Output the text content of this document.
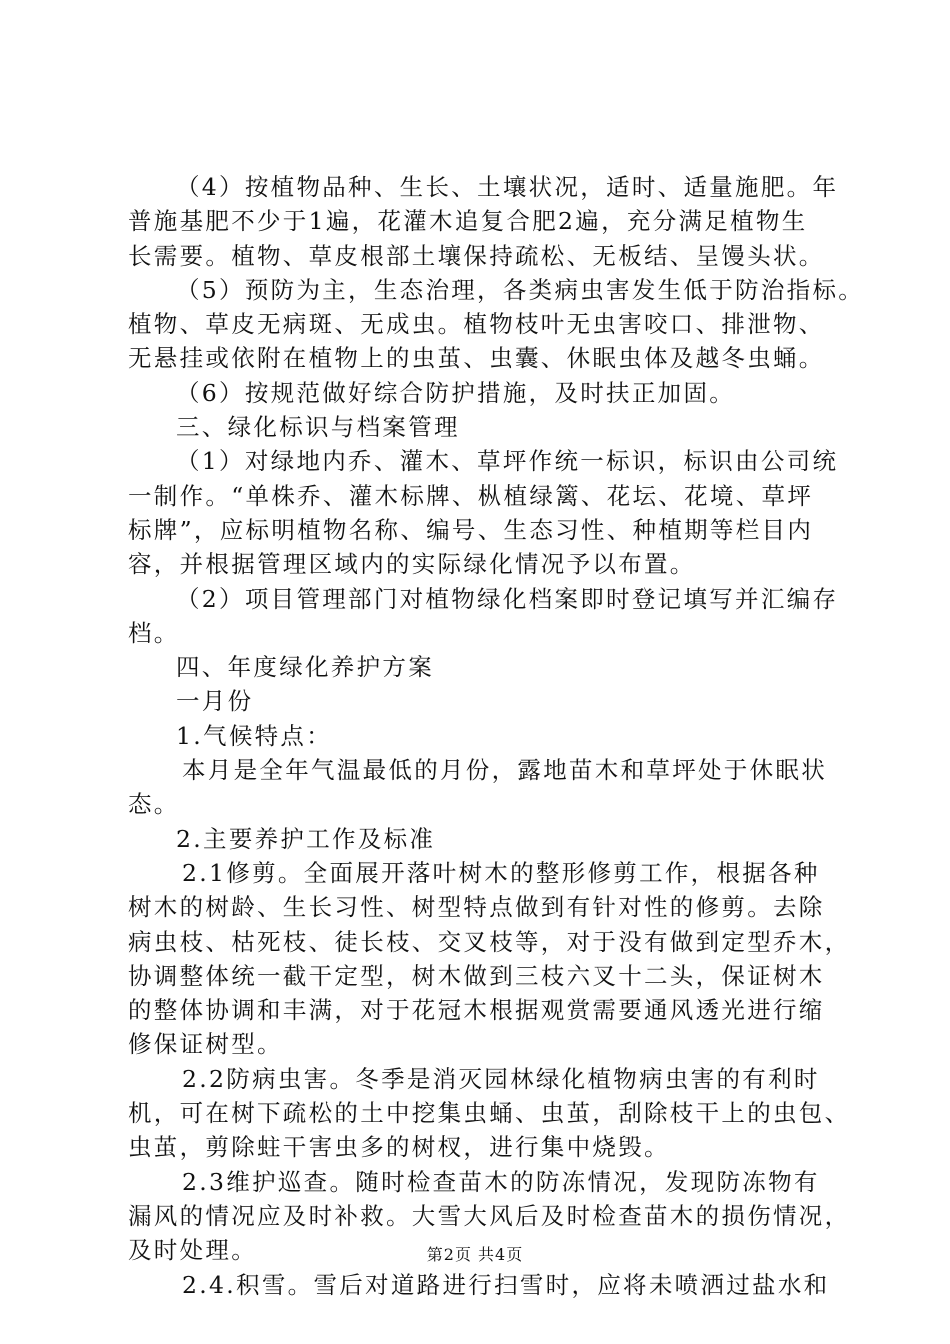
（4）按植物品种、生长、土壤状况，适时、适量施肥。年

普施基肥不少于1遍，花灌木追复合肥2遍，充分满足植物生

长需要。植物、草皮根部土壤保持疏松、无板结、呈馒头状。

（5）预防为主，生态治理，各类病虫害发生低于防治指标。

植物、草皮无病斑、无成虫。植物枝叶无虫害咬口、排泄物、

无悬挂或依附在植物上的虫茧、虫囊、休眠虫体及越冬虫蛹。

（6）按规范做好综合防护措施，及时扶正加固。

三、绿化标识与档案管理

（1）对绿地内乔、灌木、草坪作统一标识，标识由公司统

一制作。“单株乔、灌木标牌、枞植绿篱、花坛、花境、草坪

标牌”，应标明植物名称、编号、生态习性、种植期等栏目内

容，并根据管理区域内的实际绿化情况予以布置。

（2）项目管理部门对植物绿化档案即时登记填写并汇编存

档。

四、年度绿化养护方案

一月份

1.气候特点：

本月是全年气温最低的月份，露地苗木和草坪处于休眠状

态。

2.主要养护工作及标准

2.1修剪。全面展开落叶树木的整形修剪工作，根据各种

树木的树龄、生长习性、树型特点做到有针对性的修剪。去除

病虫枝、枯死枝、徒长枝、交叉枝等，对于没有做到定型乔木，

协调整体统一截干定型，树木做到三枝六叉十二头，保证树木

的整体协调和丰满，对于花冠木根据观赏需要通风透光进行缩

修保证树型。

2.2防病虫害。冬季是消灭园林绿化植物病虫害的有利时

机，可在树下疏松的土中挖集虫蛹、虫茧，刮除枝干上的虫包、

虫茧，剪除蛀干害虫多的树杈，进行集中烧毁。

2.3维护巡查。随时检查苗木的防冻情况，发现防冻物有

漏风的情况应及时补救。大雪大风后及时检查苗木的损伤情况，

及时处理。

2.4.积雪。雪后对道路进行扫雪时，应将未喷洒过盐水和

第2页 共4页
